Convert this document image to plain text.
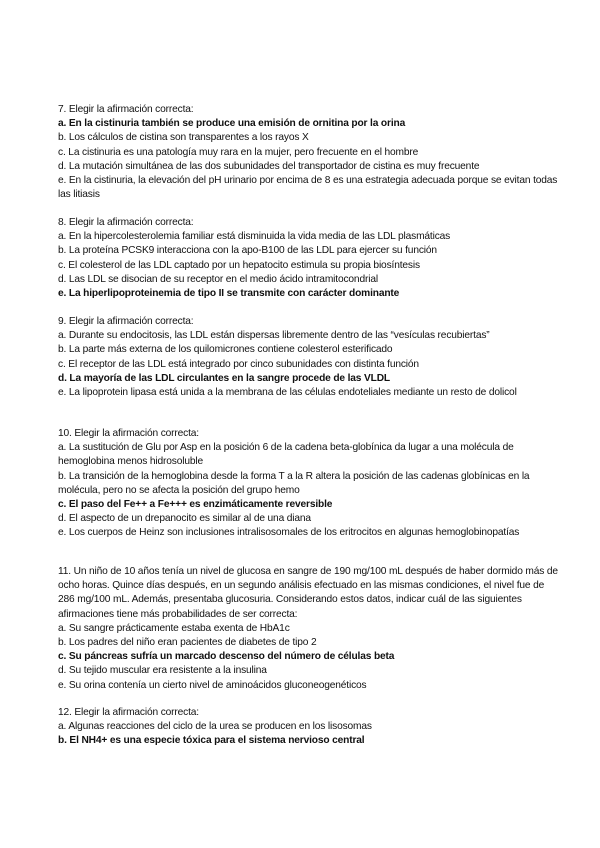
7. Elegir la afirmación correcta:
a. En la cistinuria también se produce una emisión de ornitina por la orina
b. Los cálculos de cistina son transparentes a los rayos X
c. La cistinuria es una patología muy rara en la mujer, pero frecuente en el hombre
d. La mutación simultánea de las dos subunidades del transportador de cistina es muy frecuente
e. En la cistinuria, la elevación del pH urinario por encima de 8 es una estrategia adecuada porque se evitan todas las litiasis
8. Elegir la afirmación correcta:
a. En la hipercolesterolemia familiar está disminuida la vida media de las LDL plasmáticas
b. La proteína PCSK9 interacciona con la apo-B100 de las LDL para ejercer su función
c. El colesterol de las LDL captado por un hepatocito estimula su propia biosíntesis
d. Las LDL se disocian de su receptor en el medio ácido intramitocondrial
e. La hiperlipoproteinemia de tipo II se transmite con carácter dominante
9. Elegir la afirmación correcta:
a. Durante su endocitosis, las LDL están dispersas libremente dentro de las “vesículas recubiertas”
b. La parte más externa de los quilomicrones contiene colesterol esterificado
c. El receptor de las LDL está integrado por cinco subunidades con distinta función
d. La mayoría de las LDL circulantes en la sangre procede de las VLDL
e. La lipoprotein lipasa está unida a la membrana de las células endoteliales mediante un resto de dolicol
10. Elegir la afirmación correcta:
a. La sustitución de Glu por Asp en la posición 6 de la cadena beta-globínica da lugar a una molécula de hemoglobina menos hidrosoluble
b. La transición de la hemoglobina desde la forma T a la R altera la posición de las cadenas globínicas en la molécula, pero no se afecta la posición del grupo hemo
c. El paso del Fe++ a Fe+++ es enzimáticamente reversible
d. El aspecto de un drepanocito es similar al de una diana
e. Los cuerpos de Heinz son inclusiones intralisosomales de los eritrocitos en algunas hemoglobinopatías
11. Un niño de 10 años tenía un nivel de glucosa en sangre de 190 mg/100 mL después de haber dormido más de ocho horas. Quince días después, en un segundo análisis efectuado en las mismas condiciones, el nivel fue de 286 mg/100 mL. Además, presentaba glucosuria. Considerando estos datos, indicar cuál de las siguientes afirmaciones tiene más probabilidades de ser correcta:
a. Su sangre prácticamente estaba exenta de HbA1c
b. Los padres del niño eran pacientes de diabetes de tipo 2
c. Su páncreas sufría un marcado descenso del número de células beta
d. Su tejido muscular era resistente a la insulina
e. Su orina contenía un cierto nivel de aminoácidos gluconeogenéticos
12. Elegir la afirmación correcta:
a. Algunas reacciones del ciclo de la urea se producen en los lisosomas
b. El NH4+ es una especie tóxica para el sistema nervioso central
